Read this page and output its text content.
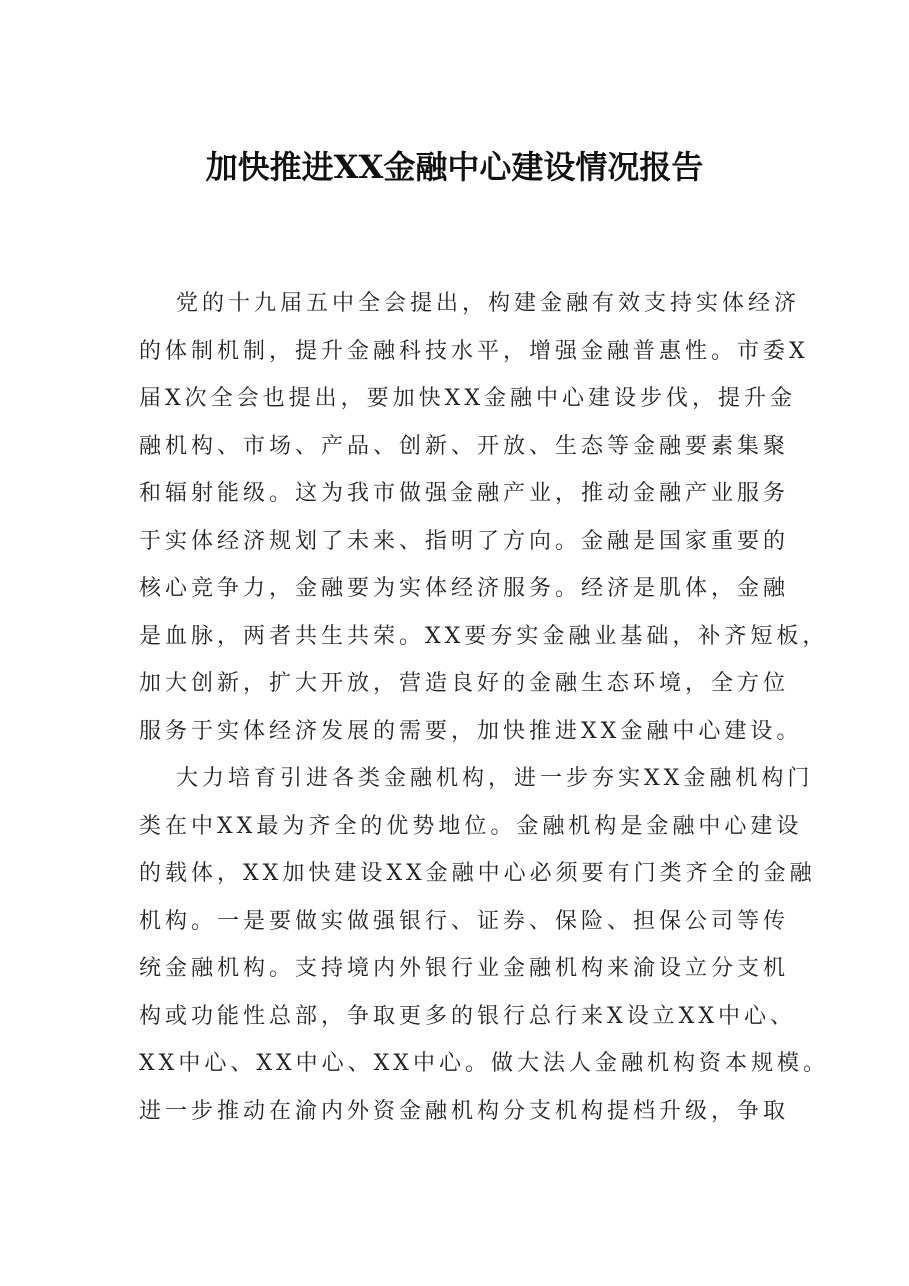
加快推进XX金融中心建设情况报告

党的十九届五中全会提出，构建金融有效支持实体经济
的体制机制，提升金融科技水平，增强金融普惠性。市委X
届X次全会也提出，要加快XX金融中心建设步伐，提升金
融机构、市场、产品、创新、开放、生态等金融要素集聚
和辐射能级。这为我市做强金融产业，推动金融产业服务
于实体经济规划了未来、指明了方向。金融是国家重要的
核心竞争力，金融要为实体经济服务。经济是肌体，金融
是血脉，两者共生共荣。XX要夯实金融业基础，补齐短板，
加大创新，扩大开放，营造良好的金融生态环境，全方位
服务于实体经济发展的需要，加快推进XX金融中心建设。

大力培育引进各类金融机构，进一步夯实XX金融机构门
类在中XX最为齐全的优势地位。金融机构是金融中心建设
的载体，XX加快建设XX金融中心必须要有门类齐全的金融
机构。一是要做实做强银行、证券、保险、担保公司等传
统金融机构。支持境内外银行业金融机构来渝设立分支机
构或功能性总部，争取更多的银行总行来X设立XX中心、
XX中心、XX中心、XX中心。做大法人金融机构资本规模。
进一步推动在渝内外资金融机构分支机构提档升级，争取
